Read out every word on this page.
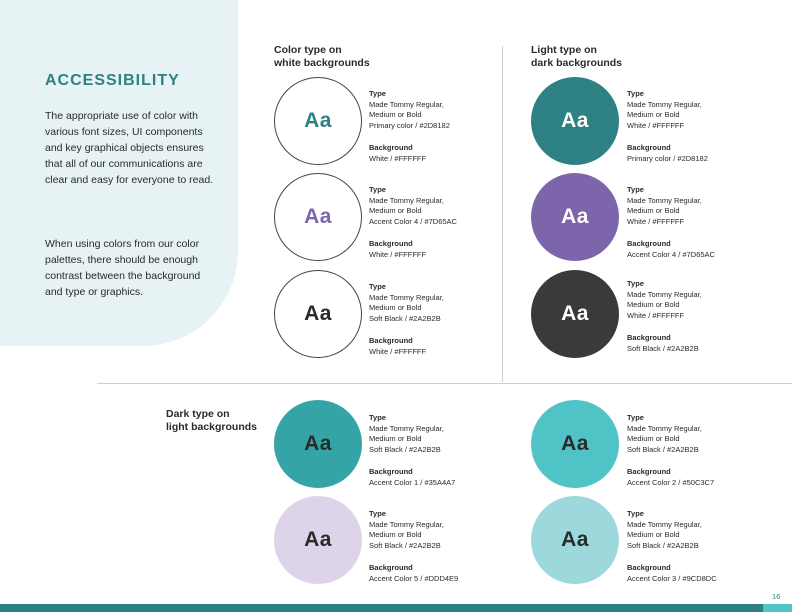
ACCESSIBILITY

The appropriate use of color with various font sizes, UI components and key graphical objects ensures that all of our communications are clear and easy for everyone to read.

When using colors from our color palettes, there should be enough contrast between the background and type or graphics.

Color type on
white backgrounds
Light type on
dark backgrounds
Dark type on
light backgrounds
Aa
Type
Made Tommy Regular,
Medium or Bold
Primary color / #2D8182
Background
White / #FFFFFF
Aa
Type
Made Tommy Regular,
Medium or Bold
Accent Color 4 / #7D65AC
Background
White / #FFFFFF
Aa
Type
Made Tommy Regular,
Medium or Bold
Soft Black / #2A2B2B
Background
White / #FFFFFF
Aa
Type
Made Tommy Regular,
Medium or Bold
White / #FFFFFF
Background
Primary color / #2D8182
Aa
Type
Made Tommy Regular,
Medium or Bold
White / #FFFFFF
Background
Accent Color 4 / #7D65AC
Aa
Type
Made Tommy Regular,
Medium or Bold
White / #FFFFFF
Background
Soft Black / #2A2B2B
Aa
Type
Made Tommy Regular,
Medium or Bold
Soft Black / #2A2B2B
Background
Accent Color 1 / #35A4A7
Aa
Type
Made Tommy Regular,
Medium or Bold
Soft Black / #2A2B2B
Background
Accent Color 5 / #DDD4E9
Aa
Type
Made Tommy Regular,
Medium or Bold
Soft Black / #2A2B2B
Background
Accent Color 2 / #50C3C7
Aa
Type
Made Tommy Regular,
Medium or Bold
Soft Black / #2A2B2B
Background
Accent Color 3 / #9CD8DC
16
